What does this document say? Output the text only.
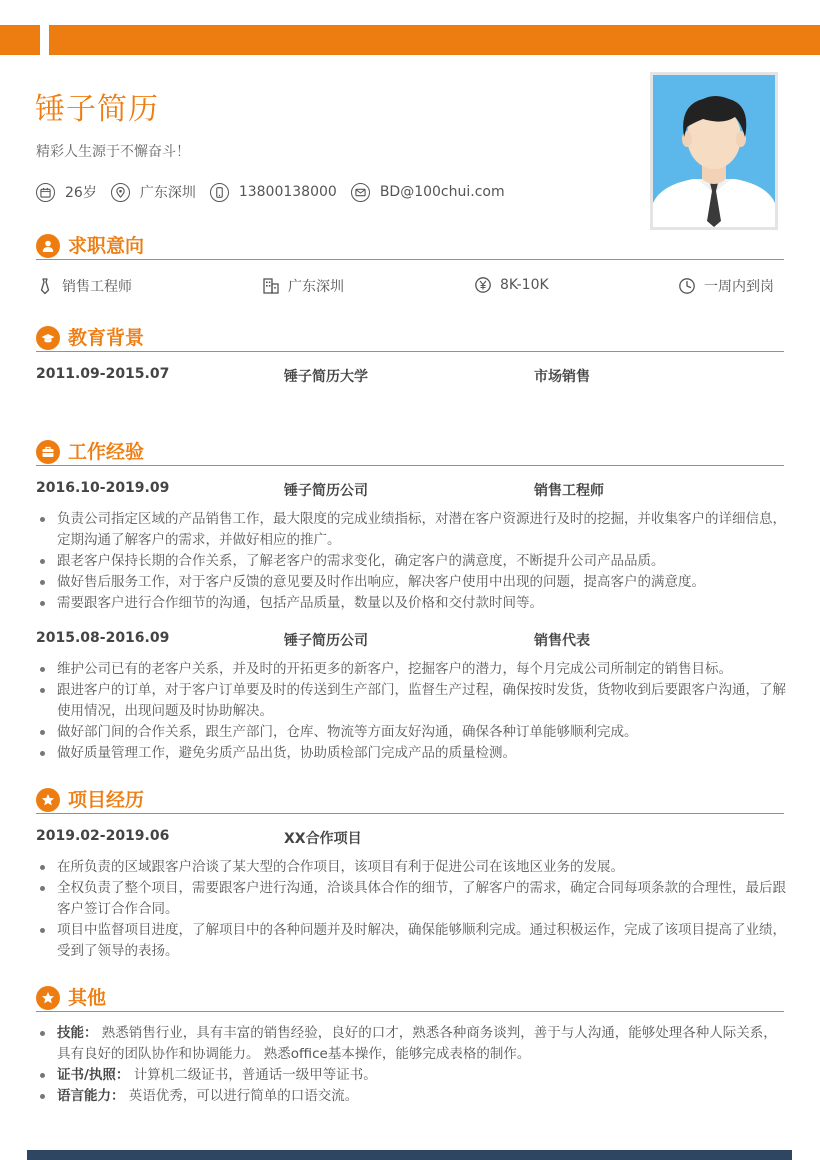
锤子简历
精彩人生源于不懈奋斗！
26岁	广东深圳	13800138000	BD@100chui.com
求职意向
销售工程师	广东深圳	8K-10K	一周内到岗
教育背景
2011.09-2015.07	锤子简历大学	市场销售
工作经验
2016.10-2019.09	锤子简历公司	销售工程师
负责公司指定区域的产品销售工作，最大限度的完成业绩指标，对潜在客户资源进行及时的挖掘，并收集客户的详细信息，定期沟通了解客户的需求，并做好相应的推广。
跟老客户保持长期的合作关系，了解老客户的需求变化，确定客户的满意度，不断提升公司产品品质。
做好售后服务工作，对于客户反馈的意见要及时作出响应，解决客户使用中出现的问题，提高客户的满意度。
需要跟客户进行合作细节的沟通，包括产品质量，数量以及价格和交付款时间等。
2015.08-2016.09	锤子简历公司	销售代表
维护公司已有的老客户关系，并及时的开拓更多的新客户，挖掘客户的潜力，每个月完成公司所制定的销售目标。
跟进客户的订单，对于客户订单要及时的传送到生产部门，监督生产过程，确保按时发货，货物收到后要跟客户沟通，了解使用情况，出现问题及时协助解决。
做好部门间的合作关系，跟生产部门，仓库、物流等方面友好沟通，确保各种订单能够顺利完成。
做好质量管理工作，避免劣质产品出货，协助质检部门完成产品的质量检测。
项目经历
2019.02-2019.06	XX合作项目
在所负责的区域跟客户洽谈了某大型的合作项目，该项目有利于促进公司在该地区业务的发展。
全权负责了整个项目，需要跟客户进行沟通，洽谈具体合作的细节，了解客户的需求，确定合同每项条款的合理性，最后跟客户签订合作合同。
项目中监督项目进度，了解项目中的各种问题并及时解决，确保能够顺利完成。通过积极运作，完成了该项目提高了业绩，受到了领导的表扬。
其他
技能： 熟悉销售行业，具有丰富的销售经验，良好的口才，熟悉各种商务谈判，善于与人沟通，能够处理各种人际关系，具有良好的团队协作和协调能力。 熟悉office基本操作，能够完成表格的制作。
证书/执照： 计算机二级证书，普通话一级甲等证书。
语言能力： 英语优秀，可以进行简单的口语交流。
